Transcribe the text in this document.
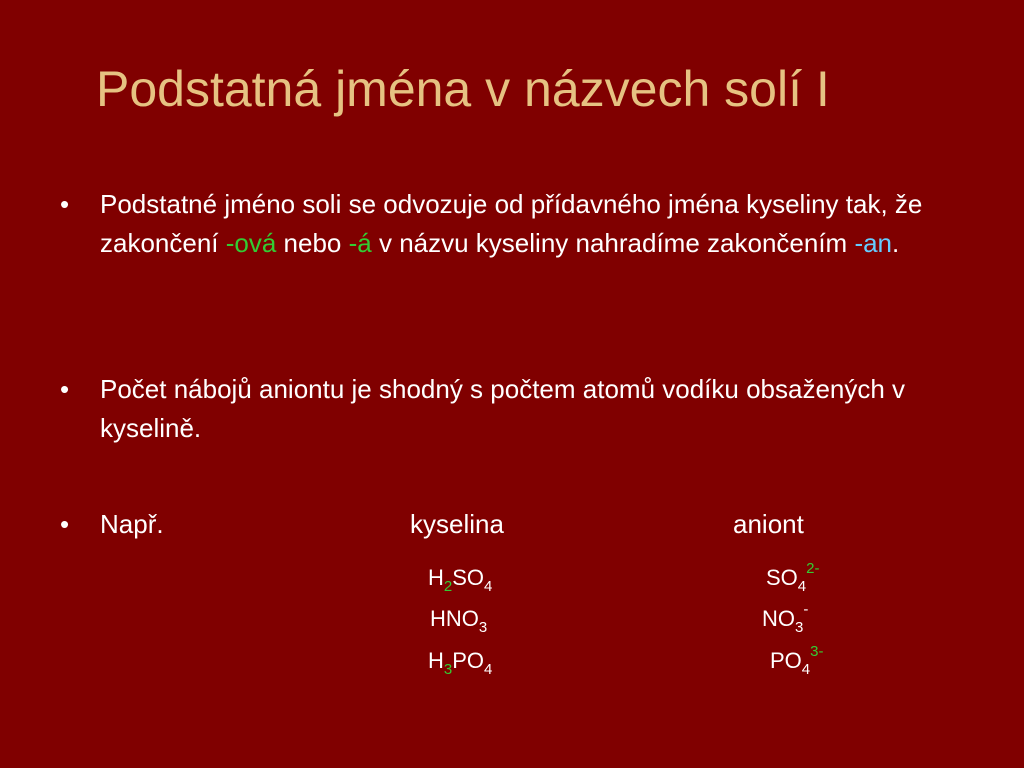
Podstatná jména v názvech solí I
•	Podstatné jméno soli se odvozuje od přídavného jména kyseliny tak, že zakončení -ová nebo -á v názvu kyseliny nahradíme zakončením -an.
•	Počet nábojů aniontu je shodný s počtem atomů vodíku obsažených v kyselině.
•	Např.	kyselina	aniont
$H_2SO_4$	$SO_4^{2-}$
$HNO_3$	$NO_3^-$
$H_3PO_4$	$PO_4^{3-}$
